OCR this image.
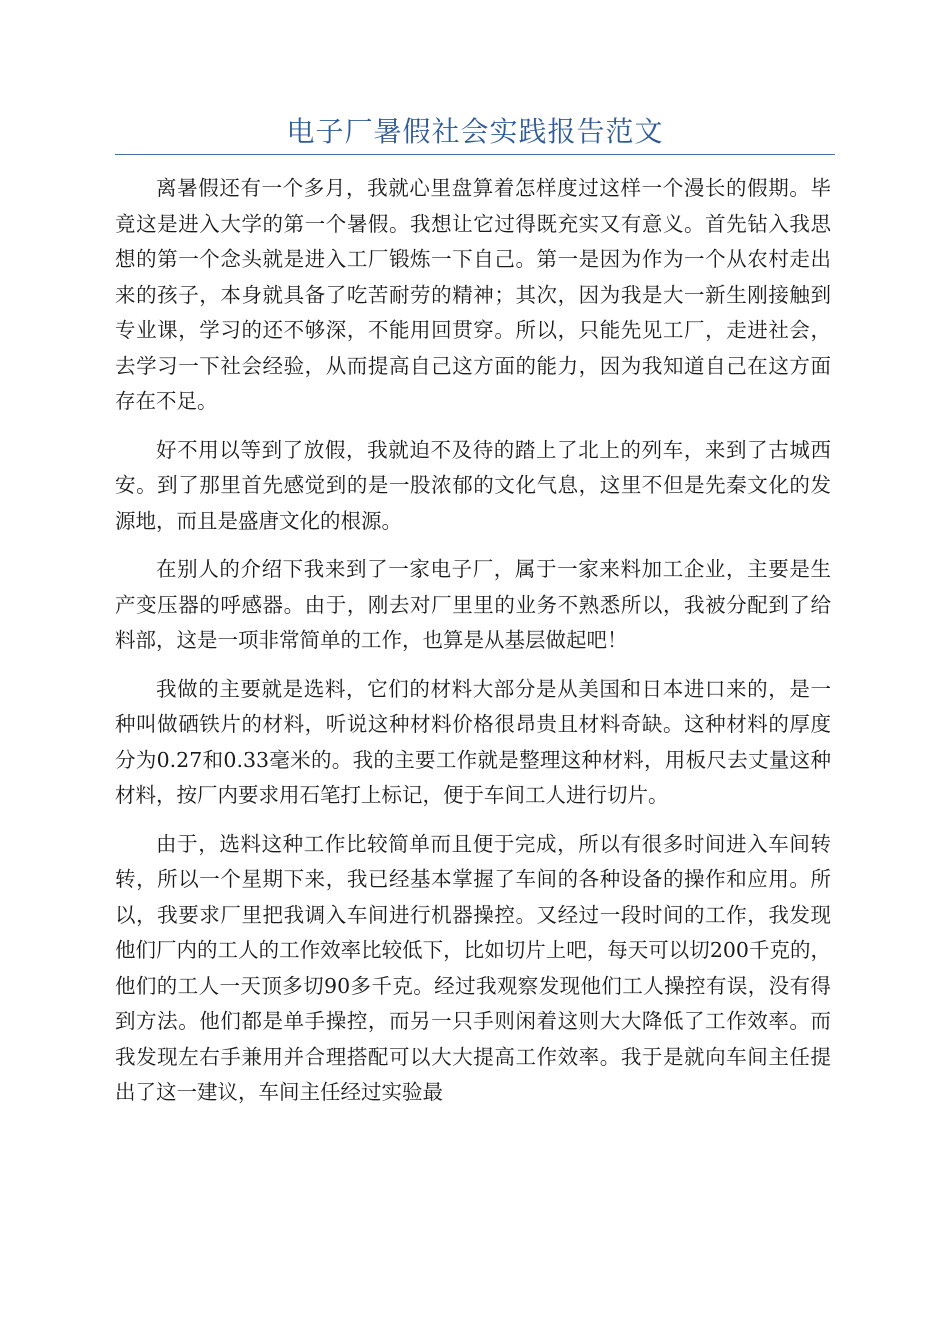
电子厂暑假社会实践报告范文

离暑假还有一个多月，我就心里盘算着怎样度过这样一个漫长的假期。毕竟这是进入大学的第一个暑假。我想让它过得既充实又有意义。首先钻入我思想的第一个念头就是进入工厂锻炼一下自己。第一是因为作为一个从农村走出来的孩子，本身就具备了吃苦耐劳的精神；其次，因为我是大一新生刚接触到专业课，学习的还不够深，不能用回贯穿。所以，只能先见工厂，走进社会，去学习一下社会经验，从而提高自己这方面的能力，因为我知道自己在这方面存在不足。

好不用以等到了放假，我就迫不及待的踏上了北上的列车，来到了古城西安。到了那里首先感觉到的是一股浓郁的文化气息，这里不但是先秦文化的发源地，而且是盛唐文化的根源。

在别人的介绍下我来到了一家电子厂，属于一家来料加工企业，主要是生产变压器的呼感器。由于，刚去对厂里里的业务不熟悉所以，我被分配到了给料部，这是一项非常简单的工作，也算是从基层做起吧！

我做的主要就是选料，它们的材料大部分是从美国和日本进口来的，是一种叫做硒铁片的材料，听说这种材料价格很昂贵且材料奇缺。这种材料的厚度分为0.27和0.33毫米的。我的主要工作就是整理这种材料，用板尺去丈量这种材料，按厂内要求用石笔打上标记，便于车间工人进行切片。

由于，选料这种工作比较简单而且便于完成，所以有很多时间进入车间转转，所以一个星期下来，我已经基本掌握了车间的各种设备的操作和应用。所以，我要求厂里把我调入车间进行机器操控。又经过一段时间的工作，我发现他们厂内的工人的工作效率比较低下，比如切片上吧，每天可以切200千克的，他们的工人一天顶多切90多千克。经过我观察发现他们工人操控有误，没有得到方法。他们都是单手操控，而另一只手则闲着这则大大降低了工作效率。而我发现左右手兼用并合理搭配可以大大提高工作效率。我于是就向车间主任提出了这一建议，车间主任经过实验最
